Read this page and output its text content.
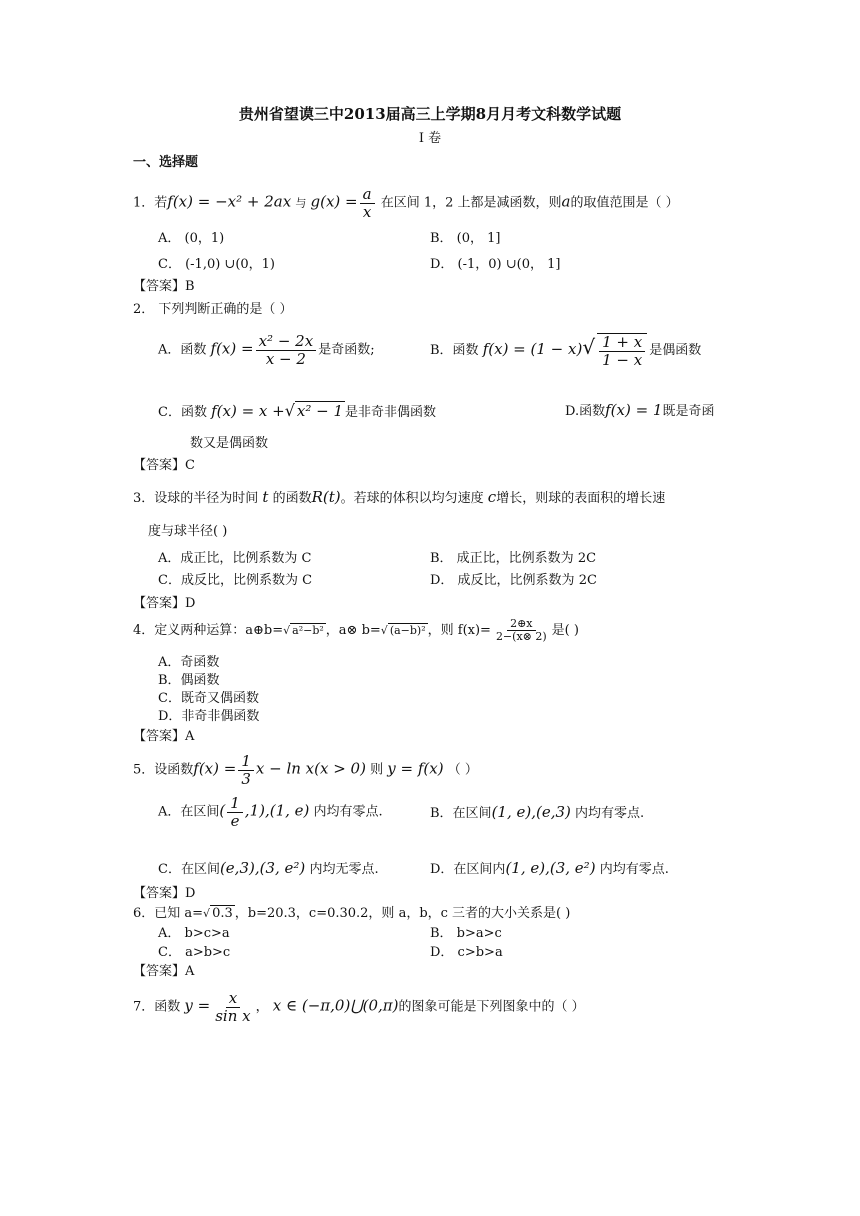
贵州省望谟三中2013届高三上学期8月月考文科数学试题
I 卷
一、选择题
1．若f(x) = −x² + 2ax 与 $g(x) = \frac{a}{x}$ 在区间 1，2 上都是减函数，则a的取值范围是（ ）
A． (0，1)	B． (0， 1]
C． (-1,0) ∪(0，1)	D． (-1，0) ∪(0， 1]
【答案】B
2． 下列判断正确的是（ ）
A．函数 $f(x) = \frac{\text{x² − 2x}}{x - 2}$ 是奇函数;	B．函数 $f(x) = (1 - x)√ \frac{1 + x}{1 - x}$ 是偶函数
C．函数 f(x) = x +√ x² − 1 是非奇非偶函数	D.函数f(x) = 1既是奇函
数又是偶函数
【答案】C
3．设球的半径为时间 t 的函数R(t)。若球的体积以均匀速度 c增长，则球的表面积的增长速
度与球半径( )
A．成正比，比例系数为 C	B． 成正比，比例系数为 2C
C．成反比，比例系数为 C	D． 成反比，比例系数为 2C
【答案】D
4．定义两种运算：a⊕b=√ a²−b² ，a⊗ b=√ (a−b)² ，则 $f(x)= \frac{2\oplus x}{2-(x\otimes 2)}$ 是( )
A．奇函数
B．偶函数
C．既奇又偶函数
D．非奇非偶函数
【答案】A
5．设函数$f(x) = \frac{1}{3}$ x − ln x(x > 0) 则 y = f(x) （ ）
A．在区间( $\frac{1}{e} ,1),(1$, e) 内均有零点.	B．在区间(1, e),(e,3) 内均有零点.
C．在区间(e,3),(3, e²) 内均无零点.	D．在区间内(1, e),(3, e²) 内均有零点.
【答案】D
6．已知 a=√ 0.3 ，b=20.3，c=0.30.2，则 a，b，c 三者的大小关系是( )
A． b>c>a	B． b>a>c
C． a>b>c	D． c>b>a
【答案】A
7．函数 $y = \frac{x}{\text{sin x}}$ ， x ∈ (−π,0)⋃(0,π)的图象可能是下列图象中的（ ）
